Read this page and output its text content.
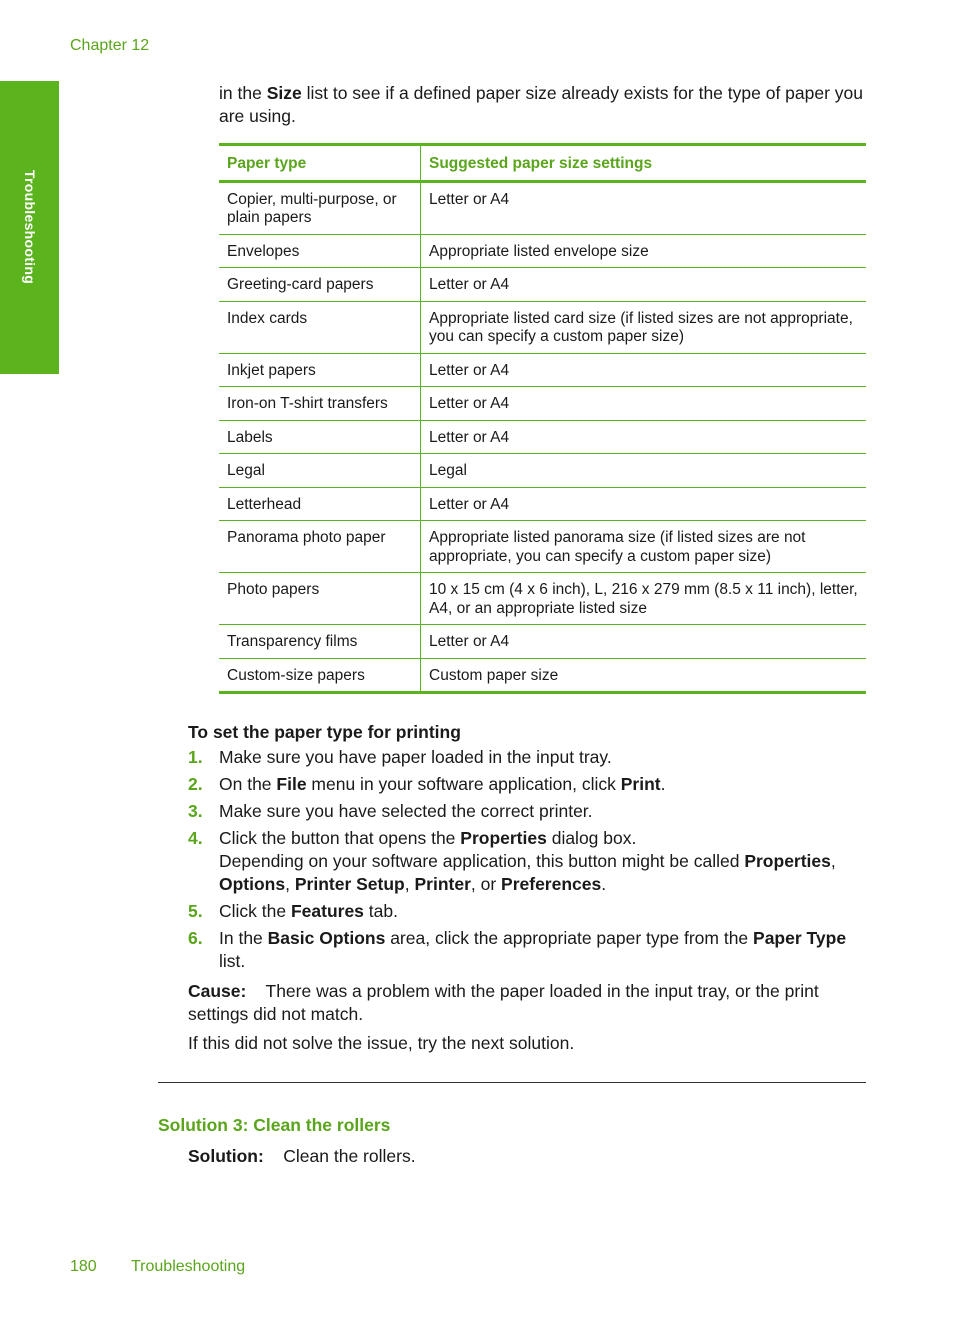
Chapter 12
Troubleshooting
in the Size list to see if a defined paper size already exists for the type of paper you are using.
Paper type	Suggested paper size settings
Copier, multi-purpose, or plain papers	Letter or A4
Envelopes	Appropriate listed envelope size
Greeting-card papers	Letter or A4
Index cards	Appropriate listed card size (if listed sizes are not appropriate, you can specify a custom paper size)
Inkjet papers	Letter or A4
Iron-on T-shirt transfers	Letter or A4
Labels	Letter or A4
Legal	Legal
Letterhead	Letter or A4
Panorama photo paper	Appropriate listed panorama size (if listed sizes are not appropriate, you can specify a custom paper size)
Photo papers	10 x 15 cm (4 x 6 inch), L, 216 x 279 mm (8.5 x 11 inch), letter, A4, or an appropriate listed size
Transparency films	Letter or A4
Custom-size papers	Custom paper size
To set the paper type for printing
1. Make sure you have paper loaded in the input tray.
2. On the File menu in your software application, click Print.
3. Make sure you have selected the correct printer.
4. Click the button that opens the Properties dialog box.
Depending on your software application, this button might be called Properties, Options, Printer Setup, Printer, or Preferences.
5. Click the Features tab.
6. In the Basic Options area, click the appropriate paper type from the Paper Type list.
Cause: There was a problem with the paper loaded in the input tray, or the print settings did not match.
If this did not solve the issue, try the next solution.
Solution 3: Clean the rollers
Solution: Clean the rollers.
180 Troubleshooting
